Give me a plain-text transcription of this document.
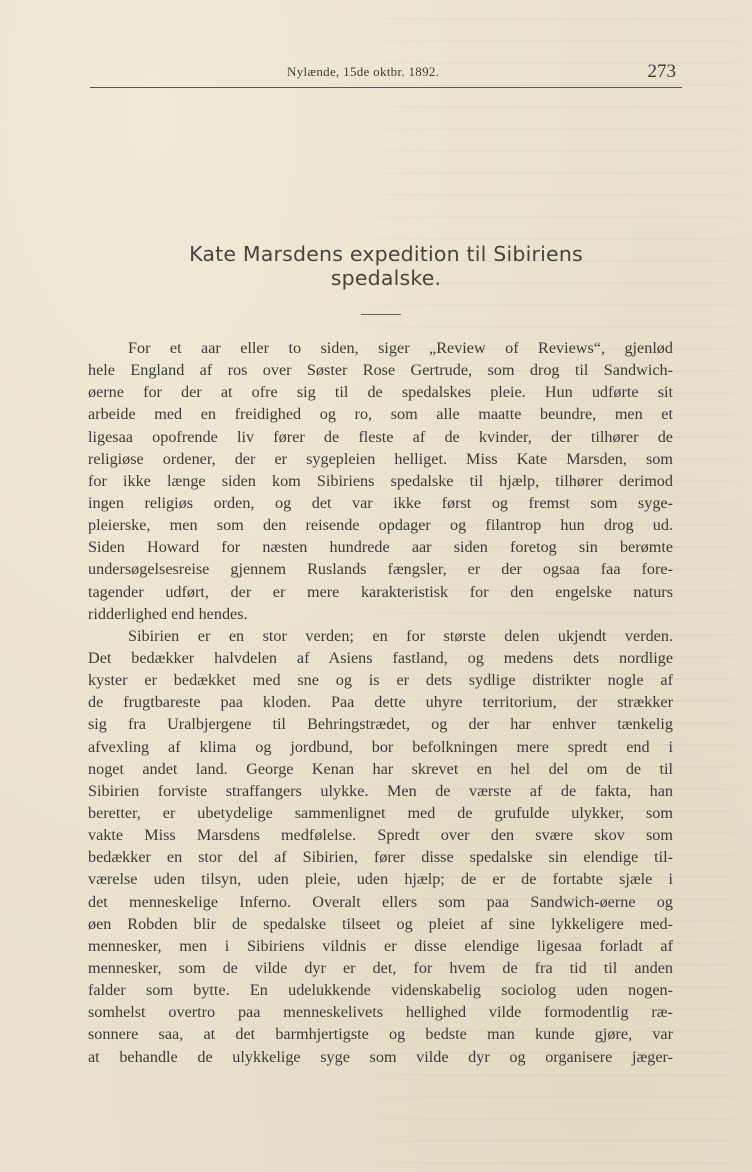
Nylænde, 15de oktbr. 1892.	273
Kate Marsdens expedition til Sibiriens
spedalske.
For et aar eller to siden, siger „Review of Reviews“, gjenlød
hele England af ros over Søster Rose Gertrude, som drog til Sandwich-
øerne for der at ofre sig til de spedalskes pleie. Hun udførte sit
arbeide med en freidighed og ro, som alle maatte beundre, men et
ligesaa opofrende liv fører de fleste af de kvinder, der tilhører de
religiøse ordener, der er sygepleien helliget. Miss Kate Marsden, som
for ikke længe siden kom Sibiriens spedalske til hjælp, tilhører derimod
ingen religiøs orden, og det var ikke først og fremst som syge-
pleierske, men som den reisende opdager og filantrop hun drog ud.
Siden Howard for næsten hundrede aar siden foretog sin berømte
undersøgelsesreise gjennem Ruslands fængsler, er der ogsaa faa fore-
tagender udført, der er mere karakteristisk for den engelske naturs
ridderlighed end hendes.
Sibirien er en stor verden; en for største delen ukjendt verden.
Det bedækker halvdelen af Asiens fastland, og medens dets nordlige
kyster er bedækket med sne og is er dets sydlige distrikter nogle af
de frugtbareste paa kloden. Paa dette uhyre territorium, der strækker
sig fra Uralbjergene til Behringstrædet, og der har enhver tænkelig
afvexling af klima og jordbund, bor befolkningen mere spredt end i
noget andet land. George Kenan har skrevet en hel del om de til
Sibirien forviste straffangers ulykke. Men de værste af de fakta, han
beretter, er ubetydelige sammenlignet med de grufulde ulykker, som
vakte Miss Marsdens medfølelse. Spredt over den svære skov som
bedækker en stor del af Sibirien, fører disse spedalske sin elendige til-
værelse uden tilsyn, uden pleie, uden hjælp; de er de fortabte sjæle i
det menneskelige Inferno. Overalt ellers som paa Sandwich-øerne og
øen Robden blir de spedalske tilseet og pleiet af sine lykkeligere med-
mennesker, men i Sibiriens vildnis er disse elendige ligesaa forladt af
mennesker, som de vilde dyr er det, for hvem de fra tid til anden
falder som bytte. En udelukkende videnskabelig sociolog uden nogen-
somhelst overtro paa menneskelivets hellighed vilde formodentlig ræ-
sonnere saa, at det barmhjertigste og bedste man kunde gjøre, var
at behandle de ulykkelige syge som vilde dyr og organisere jæger-
